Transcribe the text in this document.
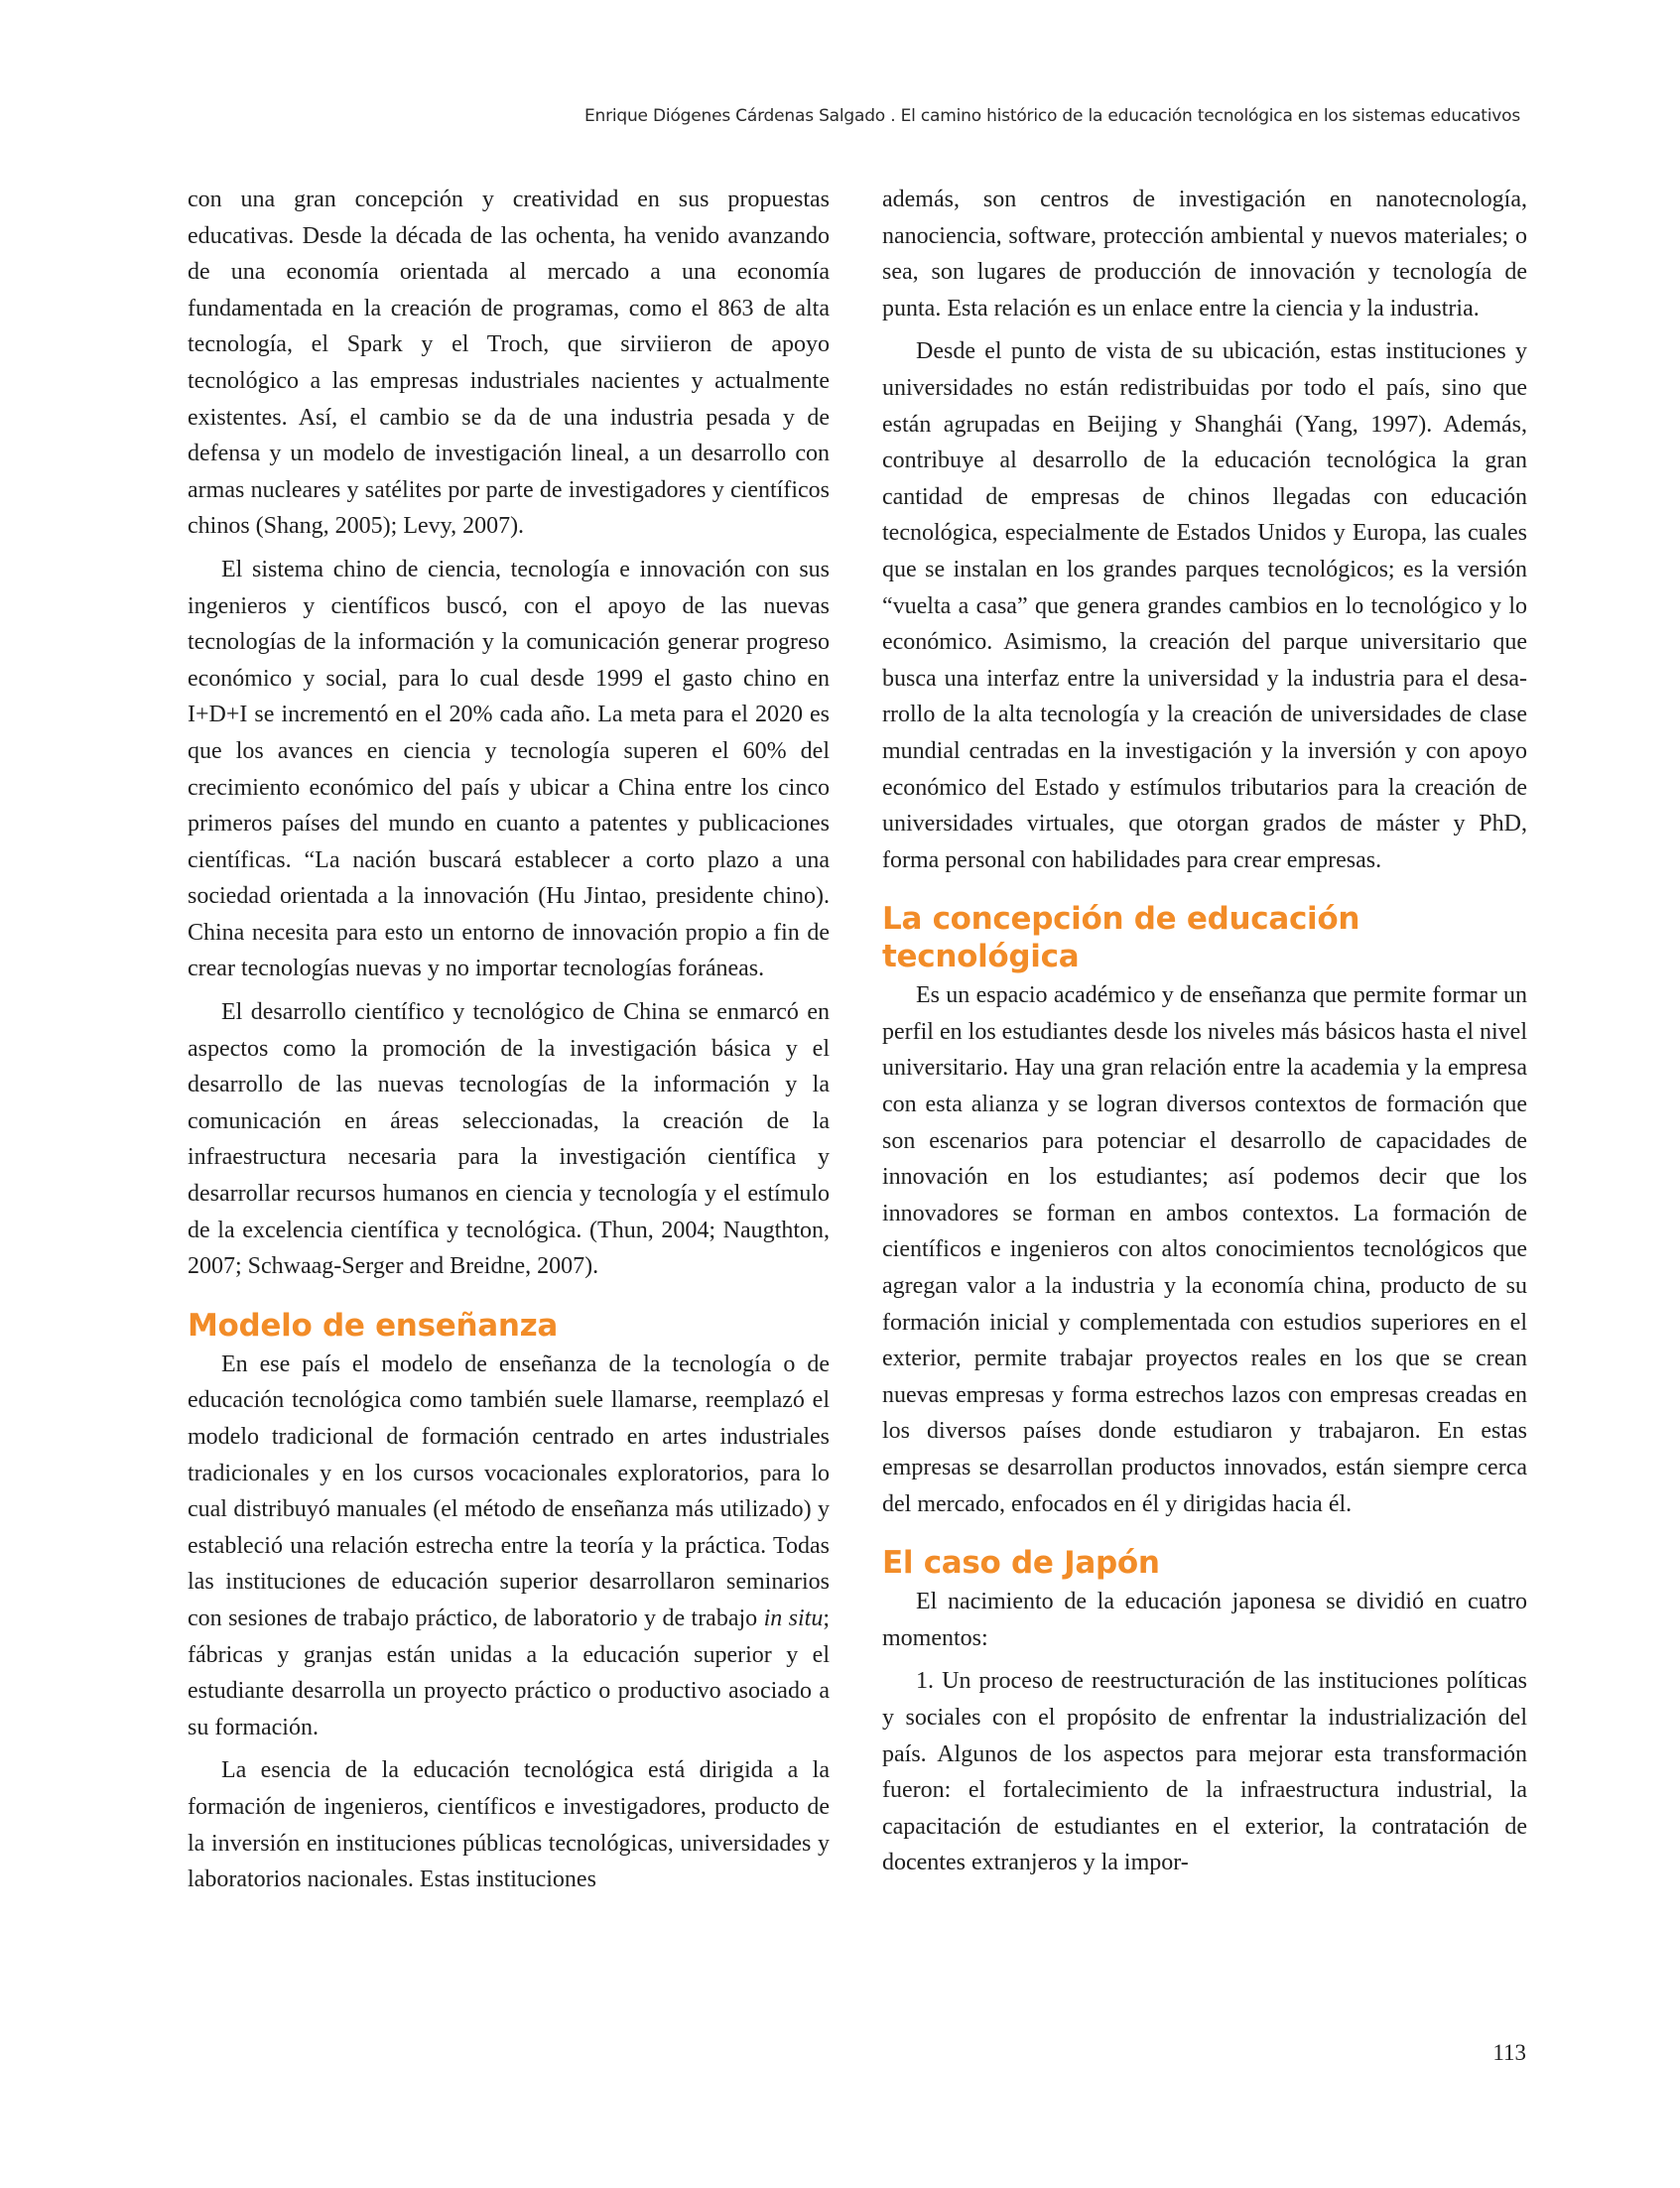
Enrique Diógenes Cárdenas Salgado . El camino histórico de la educación tecnológica en los sistemas educativos

con una gran concepción y creatividad en sus propuestas educativas. Desde la década de las ochenta, ha venido avanzando de una economía orientada al mercado a una economía fundamentada en la creación de programas, como el 863 de alta tecnología, el Spark y el Troch, que sirviieron de apoyo tecnológico a las empresas industriales nacientes y actualmente existentes. Así, el cambio se da de una industria pesada y de defensa y un modelo de investigación lineal, a un desarrollo con armas nucleares y satélites por parte de investigadores y científicos chinos (Shang, 2005); Levy, 2007).

El sistema chino de ciencia, tecnología e innovación con sus ingenieros y científicos buscó, con el apoyo de las nuevas tecnologías de la información y la comunicación generar progreso económico y social, para lo cual desde 1999 el gasto chino en I+D+I se incrementó en el 20% cada año. La meta para el 2020 es que los avances en ciencia y tecnología superen el 60% del crecimiento económico del país y ubicar a China entre los cinco primeros países del mundo en cuanto a patentes y publicaciones científicas. “La nación buscará establecer a corto plazo a una sociedad orientada a la innovación (Hu Jintao, presidente chino). China necesita para esto un entorno de innovación propio a fin de crear tecnologías nuevas y no importar tecnologías foráneas.

El desarrollo científico y tecnológico de China se enmarcó en aspectos como la promoción de la investigación básica y el desarrollo de las nuevas tecnologías de la información y la comunicación en áreas seleccionadas, la creación de la infraestructura necesaria para la investigación científica y desarrollar recursos humanos en ciencia y tecnología y el estímulo de la excelencia científica y tecnológica. (Thun, 2004; Naugthton, 2007; Schwaag-Serger and Breidne, 2007).

Modelo de enseñanza

En ese país el modelo de enseñanza de la tecnología o de educación tecnológica como también suele llamarse, reemplazó el modelo tradicional de formación centrado en artes industriales tradicionales y en los cursos vocacionales exploratorios, para lo cual distribuyó manuales (el método de enseñanza más utilizado) y estableció una relación estrecha entre la teoría y la práctica. Todas las instituciones de educación superior desarrollaron seminarios con sesiones de trabajo práctico, de laboratorio y de trabajo in situ; fábricas y granjas están unidas a la educación superior y el estudiante desarrolla un proyecto práctico o productivo asociado a su formación.

La esencia de la educación tecnológica está dirigida a la formación de ingenieros, científicos e investigadores, producto de la inversión en instituciones públicas tecnológicas, universidades y laboratorios nacionales. Estas instituciones

además, son centros de investigación en nanotecnología, nanociencia, software, protección ambiental y nuevos materiales; o sea, son lugares de producción de innovación y tecnología de punta. Esta relación es un enlace entre la ciencia y la industria.

Desde el punto de vista de su ubicación, estas instituciones y universidades no están redistribuidas por todo el país, sino que están agrupadas en Beijing y Shanghái (Yang, 1997). Además, contribuye al desarrollo de la educación tecnológica la gran cantidad de empresas de chinos llegadas con educación tecnológica, especialmente de Estados Unidos y Europa, las cuales que se instalan en los grandes parques tecnológicos; es la versión “vuelta a casa” que genera grandes cambios en lo tecnológico y lo económico. Asimismo, la creación del parque universitario que busca una interfaz entre la universidad y la industria para el desarrollo de la alta tecnología y la creación de universidades de clase mundial centradas en la investigación y la inversión y con apoyo económico del Estado y estímulos tributarios para la creación de universidades virtuales, que otorgan grados de máster y PhD, forma personal con habilidades para crear empresas.

La concepción de educación tecnológica

Es un espacio académico y de enseñanza que permite formar un perfil en los estudiantes desde los niveles más básicos hasta el nivel universitario. Hay una gran relación entre la academia y la empresa con esta alianza y se logran diversos contextos de formación que son escenarios para potenciar el desarrollo de capacidades de innovación en los estudiantes; así podemos decir que los innovadores se forman en ambos contextos. La formación de científicos e ingenieros con altos conocimientos tecnológicos que agregan valor a la industria y la economía china, producto de su formación inicial y complementada con estudios superiores en el exterior, permite trabajar proyectos reales en los que se crean nuevas empresas y forma estrechos lazos con empresas creadas en los diversos países donde estudiaron y trabajaron. En estas empresas se desarrollan productos innovados, están siempre cerca del mercado, enfocados en él y dirigidas hacia él.

El caso de Japón

El nacimiento de la educación japonesa se dividió en cuatro momentos:

1. Un proceso de reestructuración de las instituciones políticas y sociales con el propósito de enfrentar la industrialización del país. Algunos de los aspectos para mejorar esta transformación fueron: el fortalecimiento de la infraestructura industrial, la capacitación de estudiantes en el exterior, la contratación de docentes extranjeros y la impor-

113
